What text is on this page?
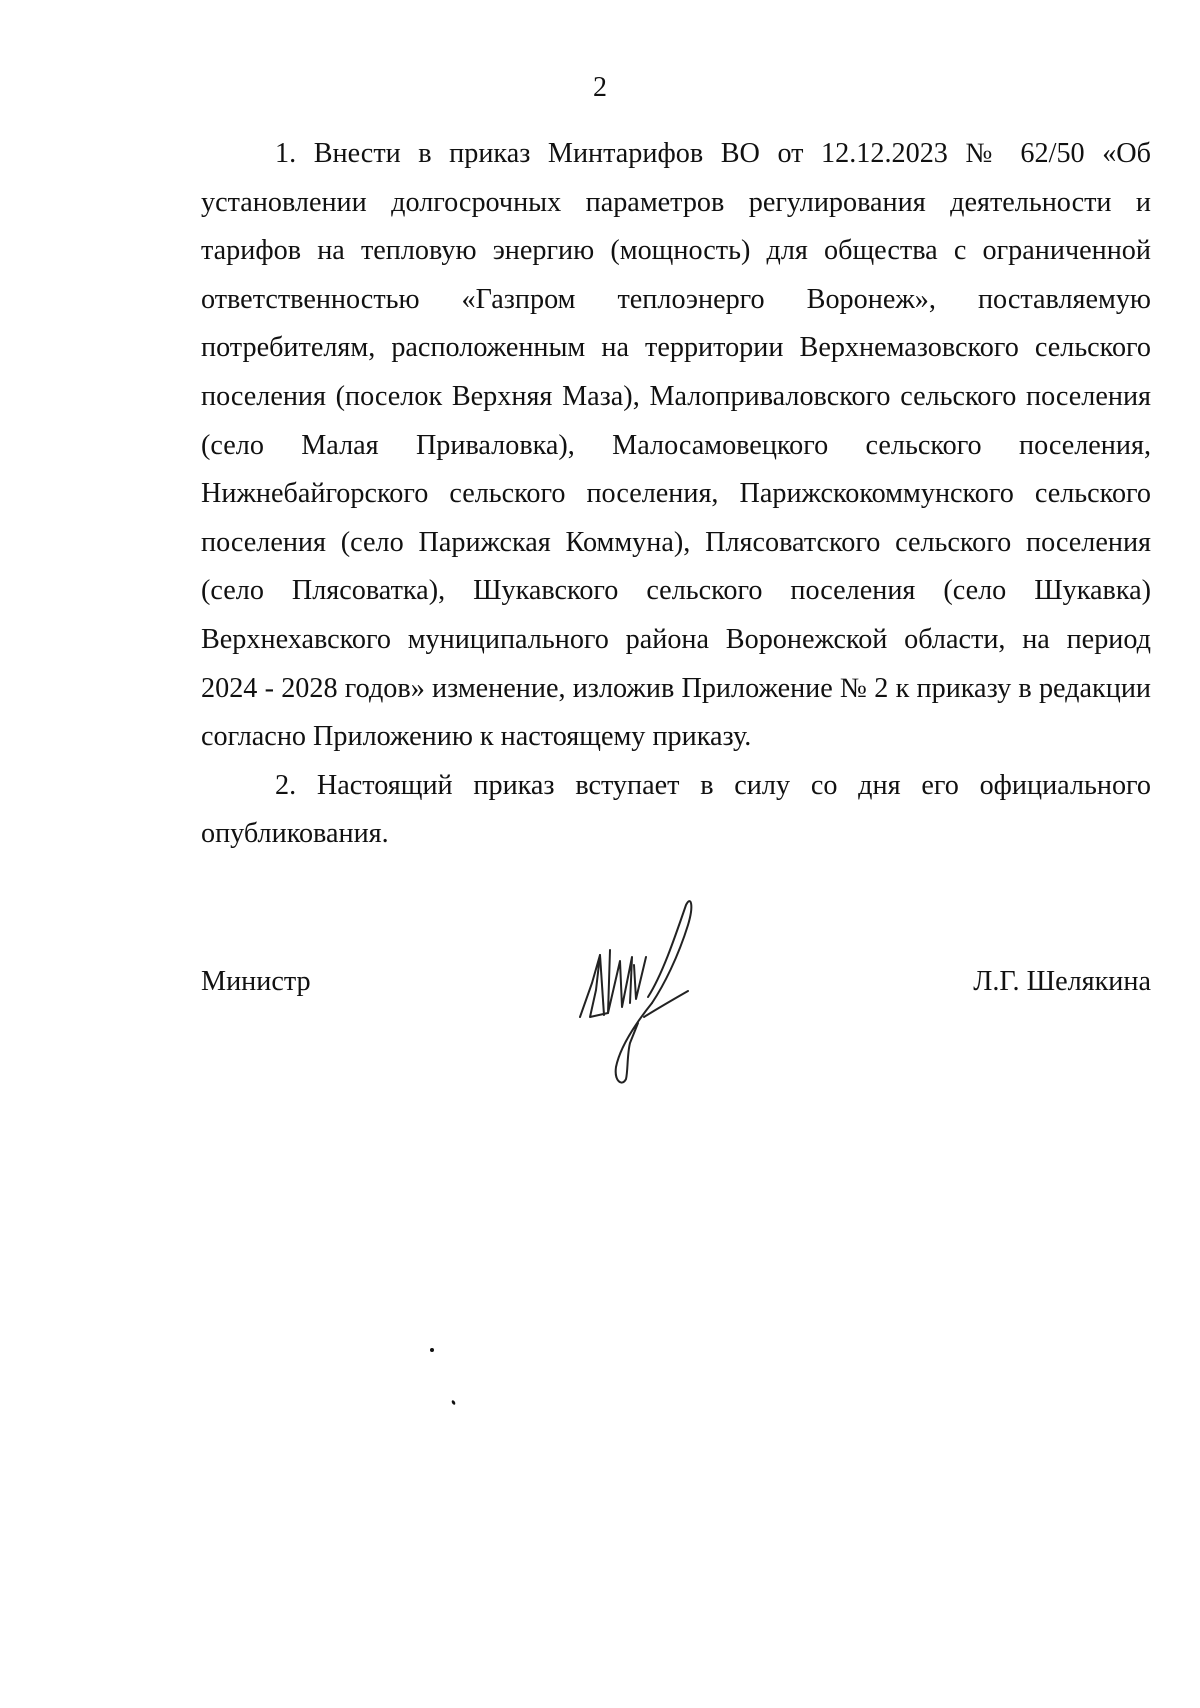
2

1. Внести в приказ Минтарифов ВО от 12.12.2023 № 62/50 «Об установлении долгосрочных параметров регулирования деятельности и тарифов на тепловую энергию (мощность) для общества с ограниченной ответственностью «Газпром теплоэнерго Воронеж», поставляемую потребителям, расположенным на территории Верхнемазовского сельского поселения (поселок Верхняя Маза), Малоприваловского сельского поселения (село Малая Приваловка), Малосамовецкого сельского поселения, Нижнебайгорского сельского поселения, Парижскокоммунского сельского поселения (село Парижская Коммуна), Плясоватского сельского поселения (село Плясоватка), Шукавского сельского поселения (село Шукавка) Верхнехавского муниципального района Воронежской области, на период 2024 - 2028 годов» изменение, изложив Приложение № 2 к приказу в редакции согласно Приложению к настоящему приказу.

2. Настоящий приказ вступает в силу со дня его официального опубликования.

Министр	Л.Г. Шелякина
